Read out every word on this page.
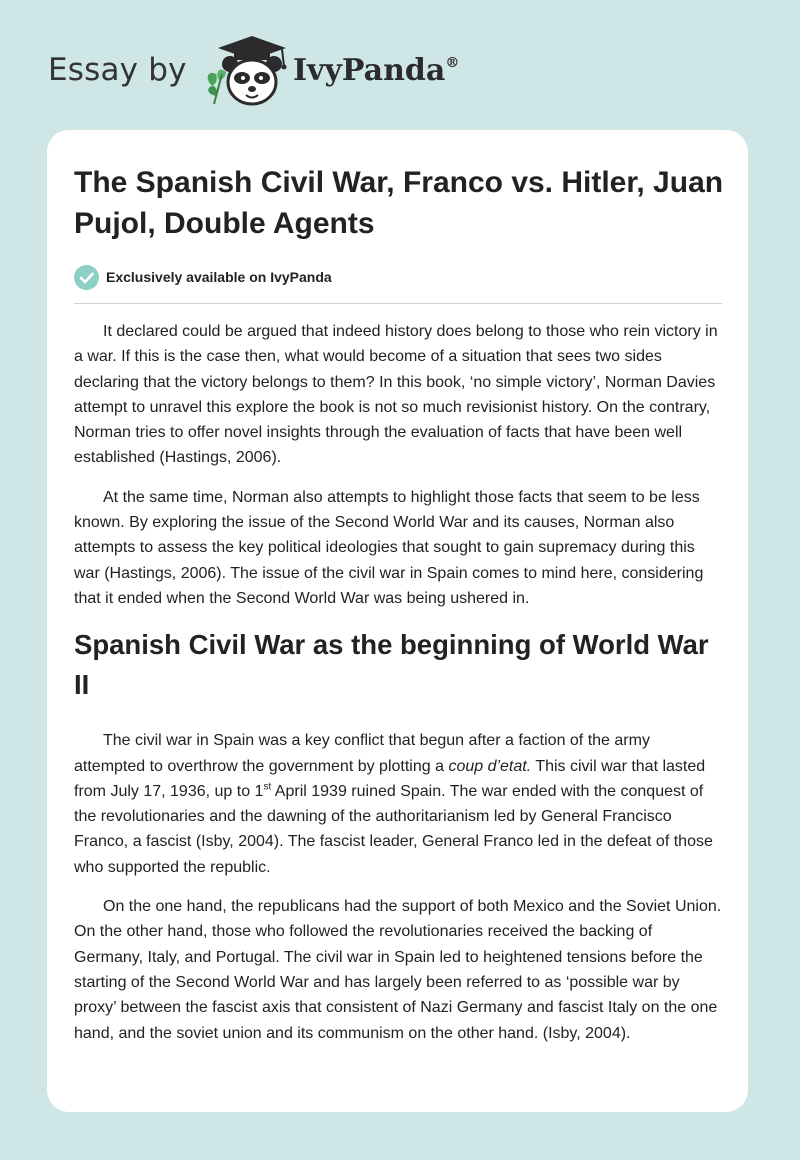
Essay by	IvyPanda®
The Spanish Civil War, Franco vs. Hitler, Juan Pujol, Double Agents
Exclusively available on IvyPanda

It declared could be argued that indeed history does belong to those who rein victory in a war. If this is the case then, what would become of a situation that sees two sides declaring that the victory belongs to them? In this book, ‘no simple victory’, Norman Davies attempt to unravel this explore the book is not so much revisionist history. On the contrary, Norman tries to offer novel insights through the evaluation of facts that have been well established (Hastings, 2006).

At the same time, Norman also attempts to highlight those facts that seem to be less known. By exploring the issue of the Second World War and its causes, Norman also attempts to assess the key political ideologies that sought to gain supremacy during this war (Hastings, 2006). The issue of the civil war in Spain comes to mind here, considering that it ended when the Second World War was being ushered in.

Spanish Civil War as the beginning of World War II

The civil war in Spain was a key conflict that begun after a faction of the army attempted to overthrow the government by plotting a coup d’etat. This civil war that lasted from July 17, 1936, up to 1st April 1939 ruined Spain. The war ended with the conquest of the revolutionaries and the dawning of the authoritarianism led by General Francisco Franco, a fascist (Isby, 2004). The fascist leader, General Franco led in the defeat of those who supported the republic.

On the one hand, the republicans had the support of both Mexico and the Soviet Union. On the other hand, those who followed the revolutionaries received the backing of Germany, Italy, and Portugal. The civil war in Spain led to heightened tensions before the starting of the Second World War and has largely been referred to as ‘possible war by proxy’ between the fascist axis that consistent of Nazi Germany and fascist Italy on the one hand, and the soviet union and its communism on the other hand. (Isby, 2004).
